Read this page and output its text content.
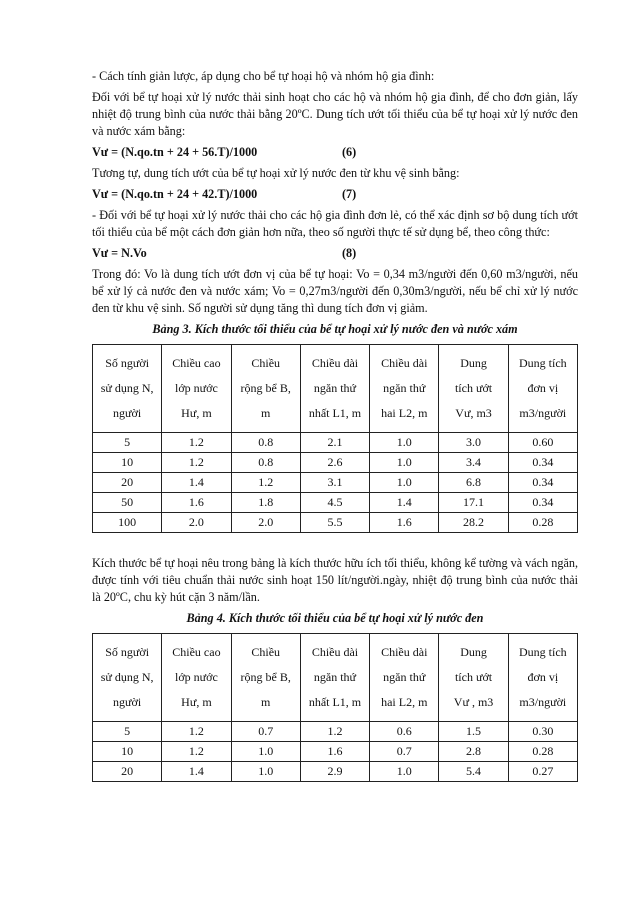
- Cách tính giản lược, áp dụng cho bể tự hoại hộ và nhóm hộ gia đình:

Đối với bể tự hoại xử lý nước thải sinh hoạt cho các hộ và nhóm hộ gia đình, để cho đơn giản, lấy nhiệt độ trung bình của nước thải bằng 20ºC. Dung tích ướt tối thiểu của bể tự hoại xử lý nước đen và nước xám bằng:

Vư = (N.qo.tn + 24 + 56.T)/1000	(6)

Tương tự, dung tích ướt của bể tự hoại xử lý nước đen từ khu vệ sinh bằng:

Vư = (N.qo.tn + 24 + 42.T)/1000	(7)

- Đối với bể tự hoại xử lý nước thải cho các hộ gia đình đơn lẻ, có thể xác định sơ bộ dung tích ướt tối thiểu của bể một cách đơn giản hơn nữa, theo số người thực tế sử dụng bể, theo công thức:

Vư = N.Vo	(8)

Trong đó: Vo là dung tích ướt đơn vị của bể tự hoại: Vo = 0,34 m3/người đến 0,60 m3/người, nếu bể xử lý cả nước đen và nước xám; Vo = 0,27m3/người đến 0,30m3/người, nếu bể chỉ xử lý nước đen từ khu vệ sinh. Số người sử dụng tăng thì dung tích đơn vị giảm.

Bảng 3. Kích thước tối thiểu của bể tự hoại xử lý nước đen và nước xám
Số người
sử dụng N,
người	Chiều cao
lớp nước
Hư, m	Chiều
rộng bể B,
m	Chiều dài
ngăn thứ
nhất L1, m	Chiều dài
ngăn thứ
hai L2, m	Dung
tích ướt
Vư, m3	Dung tích
đơn vị
m3/người

5	1.2	0.8	2.1	1.0	3.0	0.60
10	1.2	0.8	2.6	1.0	3.4	0.34
20	1.4	1.2	3.1	1.0	6.8	0.34
50	1.6	1.8	4.5	1.4	17.1	0.34
100	2.0	2.0	5.5	1.6	28.2	0.28

Kích thước bể tự hoại nêu trong bảng là kích thước hữu ích tối thiểu, không kể tường và vách ngăn, được tính với tiêu chuẩn thải nước sinh hoạt 150 lít/người.ngày, nhiệt độ trung bình của nước thải là 20ºC, chu kỳ hút cặn 3 năm/lần.

Bảng 4. Kích thước tối thiểu của bể tự hoại xử lý nước đen
Số người
sử dụng N,
người	Chiều cao
lớp nước
Hư, m	Chiều
rộng bể B,
m	Chiều dài
ngăn thứ
nhất L1, m	Chiều dài
ngăn thứ
hai L2, m	Dung
tích ướt
Vư , m3	Dung tích
đơn vị
m3/người

5	1.2	0.7	1.2	0.6	1.5	0.30
10	1.2	1.0	1.6	0.7	2.8	0.28
20	1.4	1.0	2.9	1.0	5.4	0.27
